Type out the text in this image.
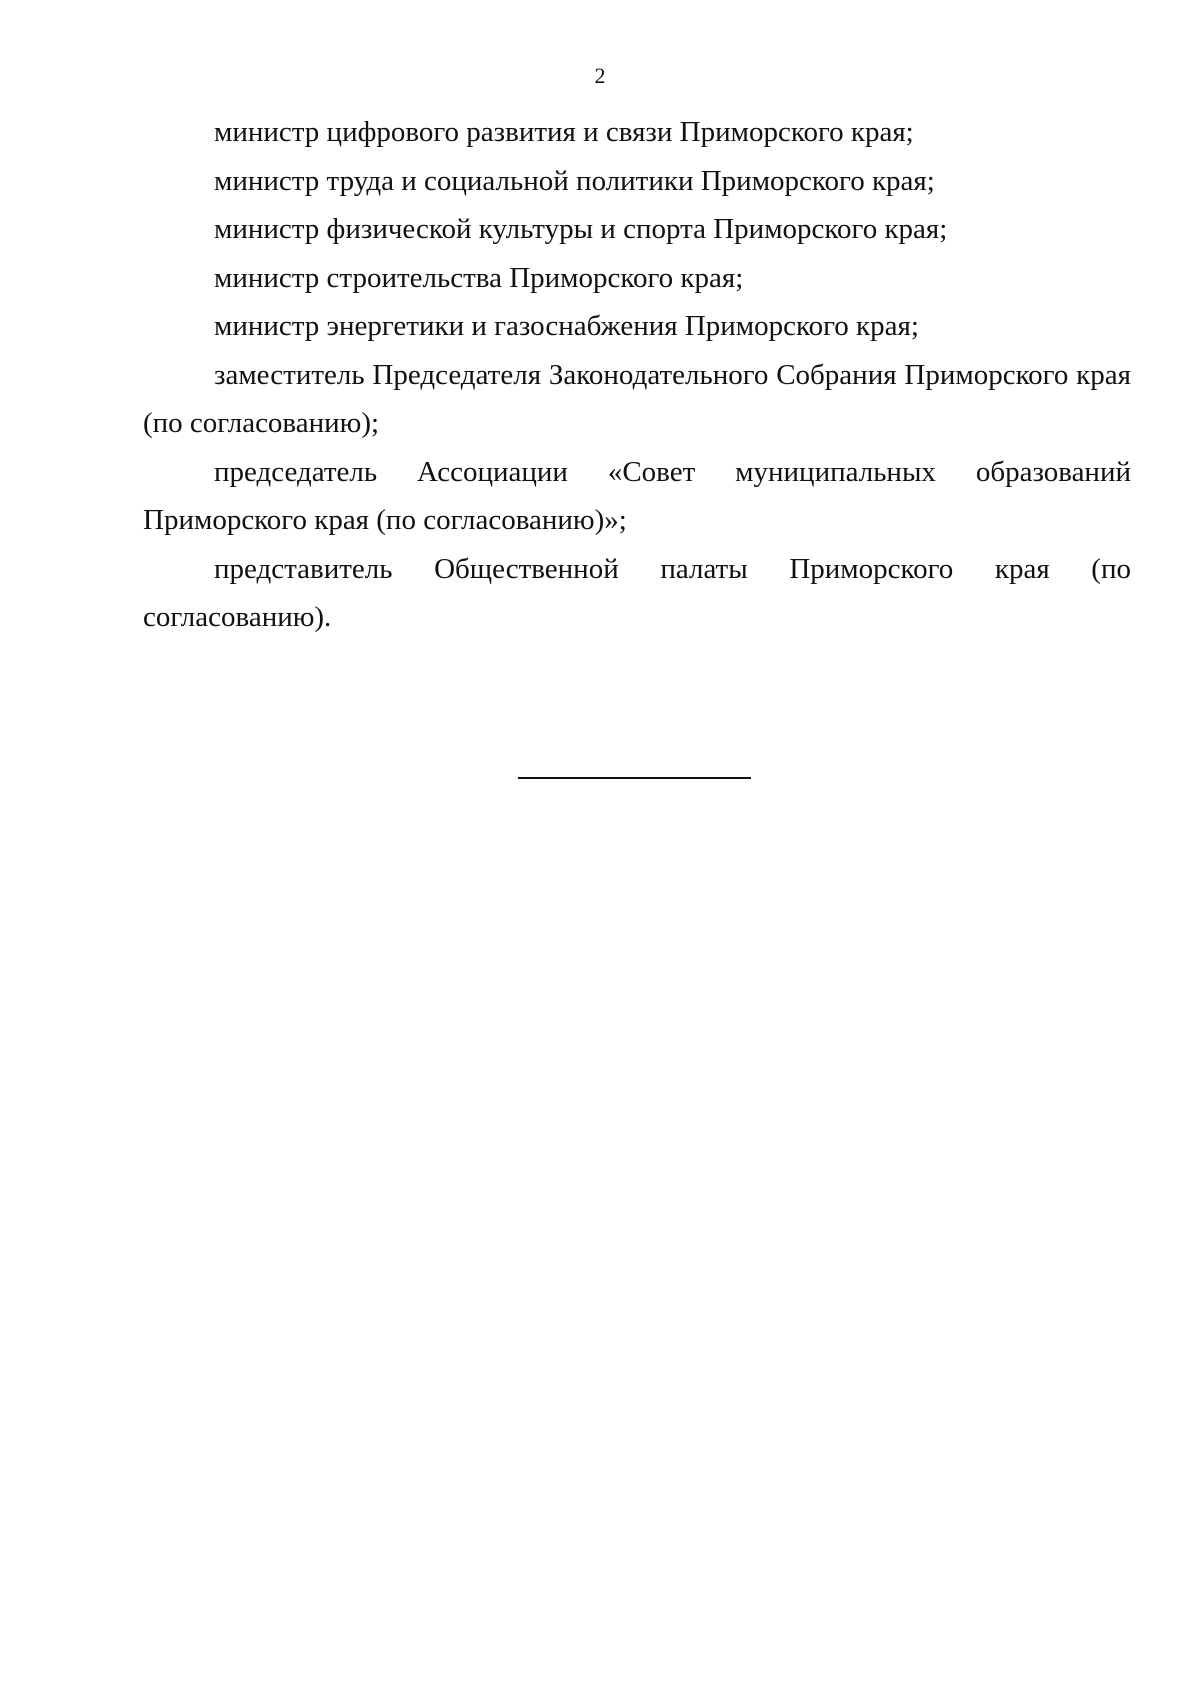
2

министр цифрового развития и связи Приморского края;

министр труда и социальной политики Приморского края;

министр физической культуры и спорта Приморского края;

министр строительства Приморского края;

министр энергетики и газоснабжения Приморского края;

заместитель Председателя Законодательного Собрания Приморского края (по согласованию);

председатель Ассоциации «Совет муниципальных образований Приморского края (по согласованию)»;

представитель Общественной палаты Приморского края (по согласованию).
